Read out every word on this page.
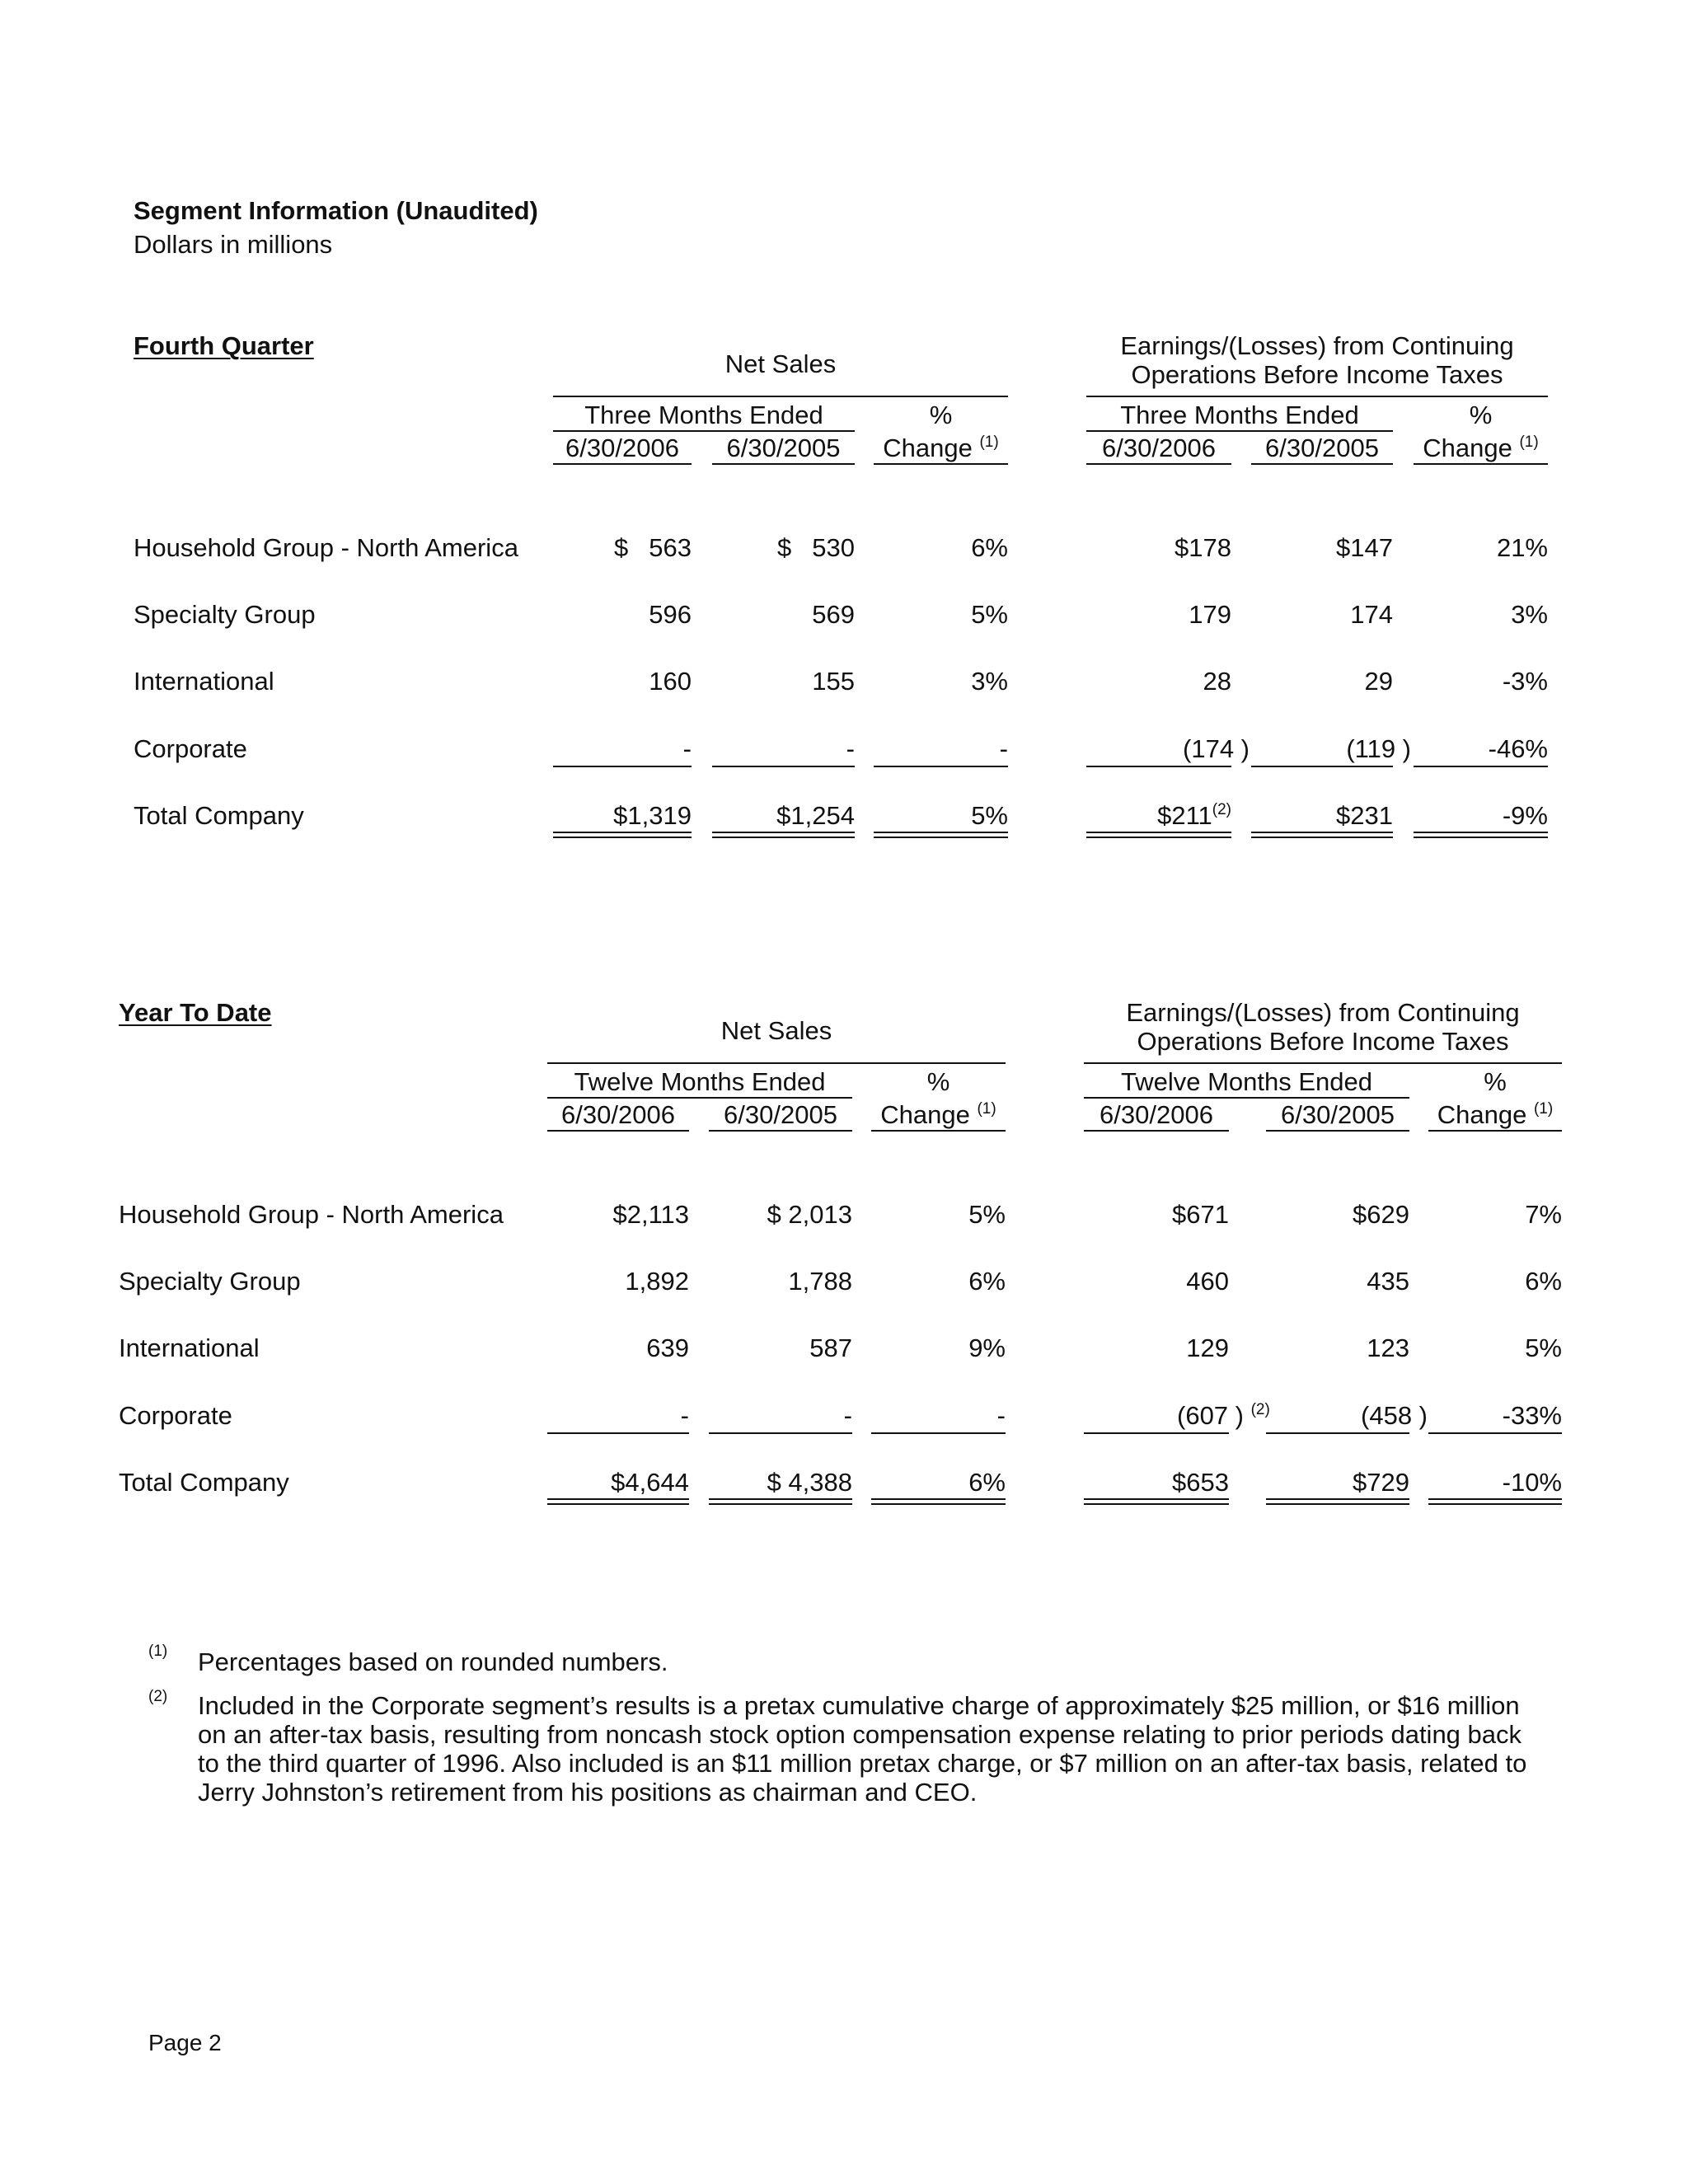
Segment Information (Unaudited)
Dollars in millions
Fourth Quarter
Net Sales
Earnings/(Losses) from Continuing
Operations Before Income Taxes
Three Months Ended	%	Three Months Ended	%
6/30/2006	6/30/2005	Change $^{(1)}$	6/30/2006	6/30/2005	Change $^{(1)}$
Household Group - North America	$ 563	$ 530	6%	$178	$147	21%
Specialty Group	596	569	5%	179	174	3%
International	160	155	3%	28	29	-3%
Corporate	-	-	-	(174 )	(119 )	-46%
Total Company	$1,319	$1,254	5%	$211$^{(2)}$	$231	-9%
Year To Date
Net Sales
Earnings/(Losses) from Continuing
Operations Before Income Taxes
Twelve Months Ended	%	Twelve Months Ended	%
6/30/2006	6/30/2005	Change $^{(1)}$	6/30/2006	6/30/2005	Change $^{(1)}$
Household Group - North America	$2,113	$ 2,013	5%	$671	$629	7%
Specialty Group	1,892	1,788	6%	460	435	6%
International	639	587	9%	129	123	5%
Corporate	-	-	-	(607 ) $^{(2)}$	(458 )	-33%
Total Company	$4,644	$ 4,388	6%	$653	$729	-10%
(1) Percentages based on rounded numbers.
(2) Included in the Corporate segment’s results is a pretax cumulative charge of approximately $25 million, or $16 million on an after-tax basis, resulting from noncash stock option compensation expense relating to prior periods dating back to the third quarter of 1996. Also included is an $11 million pretax charge, or $7 million on an after-tax basis, related to Jerry Johnston’s retirement from his positions as chairman and CEO.
Page 2
